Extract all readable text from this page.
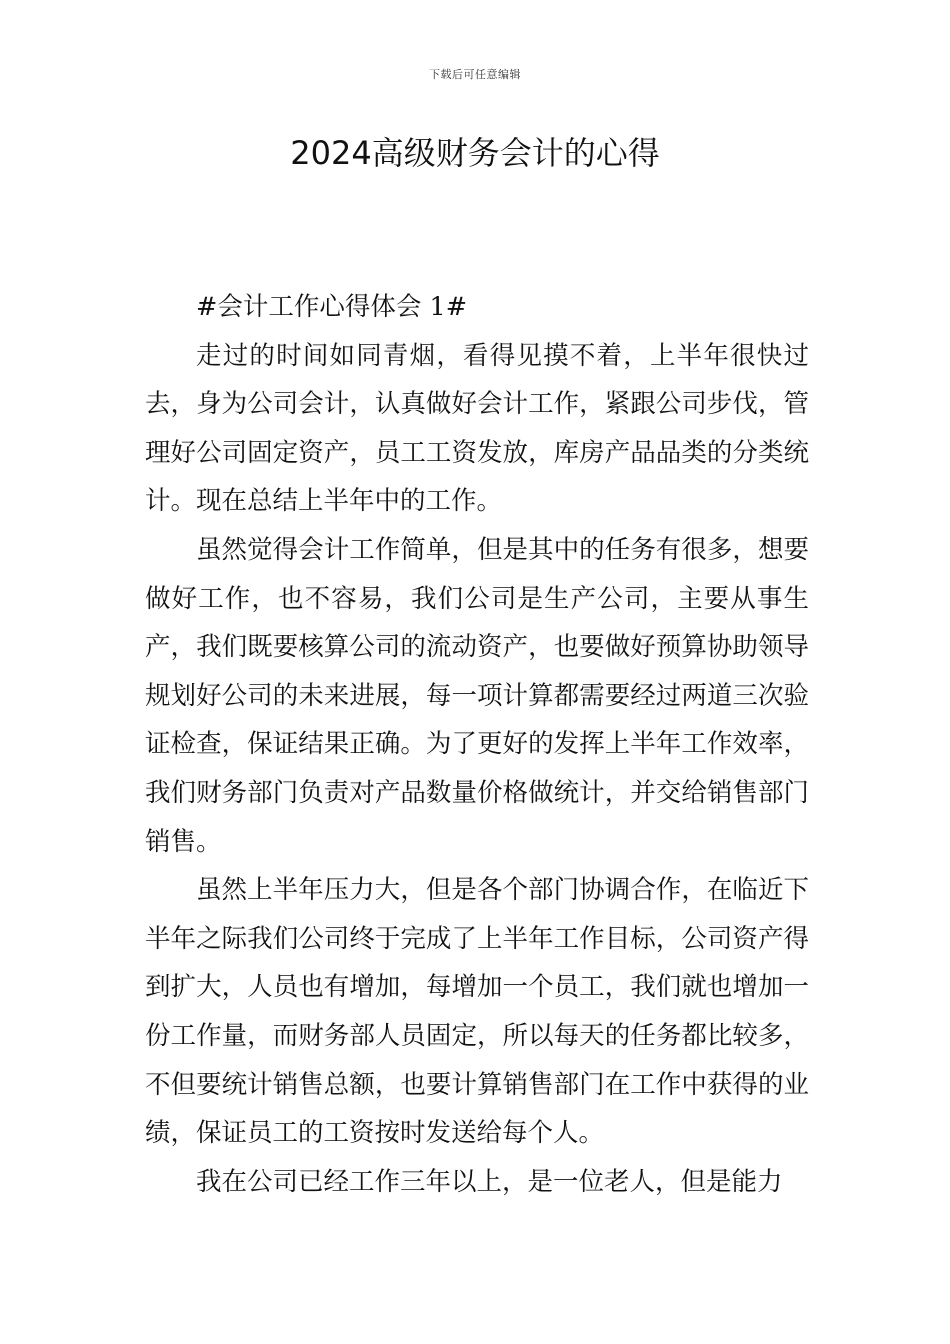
下载后可任意编辑
2024高级财务会计的心得

#会计工作心得体会 1#

走过的时间如同青烟，看得见摸不着，上半年很快过去，身为公司会计，认真做好会计工作，紧跟公司步伐，管理好公司固定资产，员工工资发放，库房产品品类的分类统计。现在总结上半年中的工作。

虽然觉得会计工作简单，但是其中的任务有很多，想要做好工作，也不容易，我们公司是生产公司，主要从事生产，我们既要核算公司的流动资产，也要做好预算协助领导规划好公司的未来进展，每一项计算都需要经过两道三次验证检查，保证结果正确。为了更好的发挥上半年工作效率，我们财务部门负责对产品数量价格做统计，并交给销售部门销售。

虽然上半年压力大，但是各个部门协调合作，在临近下半年之际我们公司终于完成了上半年工作目标，公司资产得到扩大，人员也有增加，每增加一个员工，我们就也增加一份工作量，而财务部人员固定，所以每天的任务都比较多，不但要统计销售总额，也要计算销售部门在工作中获得的业绩，保证员工的工资按时发送给每个人。

我在公司已经工作三年以上，是一位老人，但是能力
